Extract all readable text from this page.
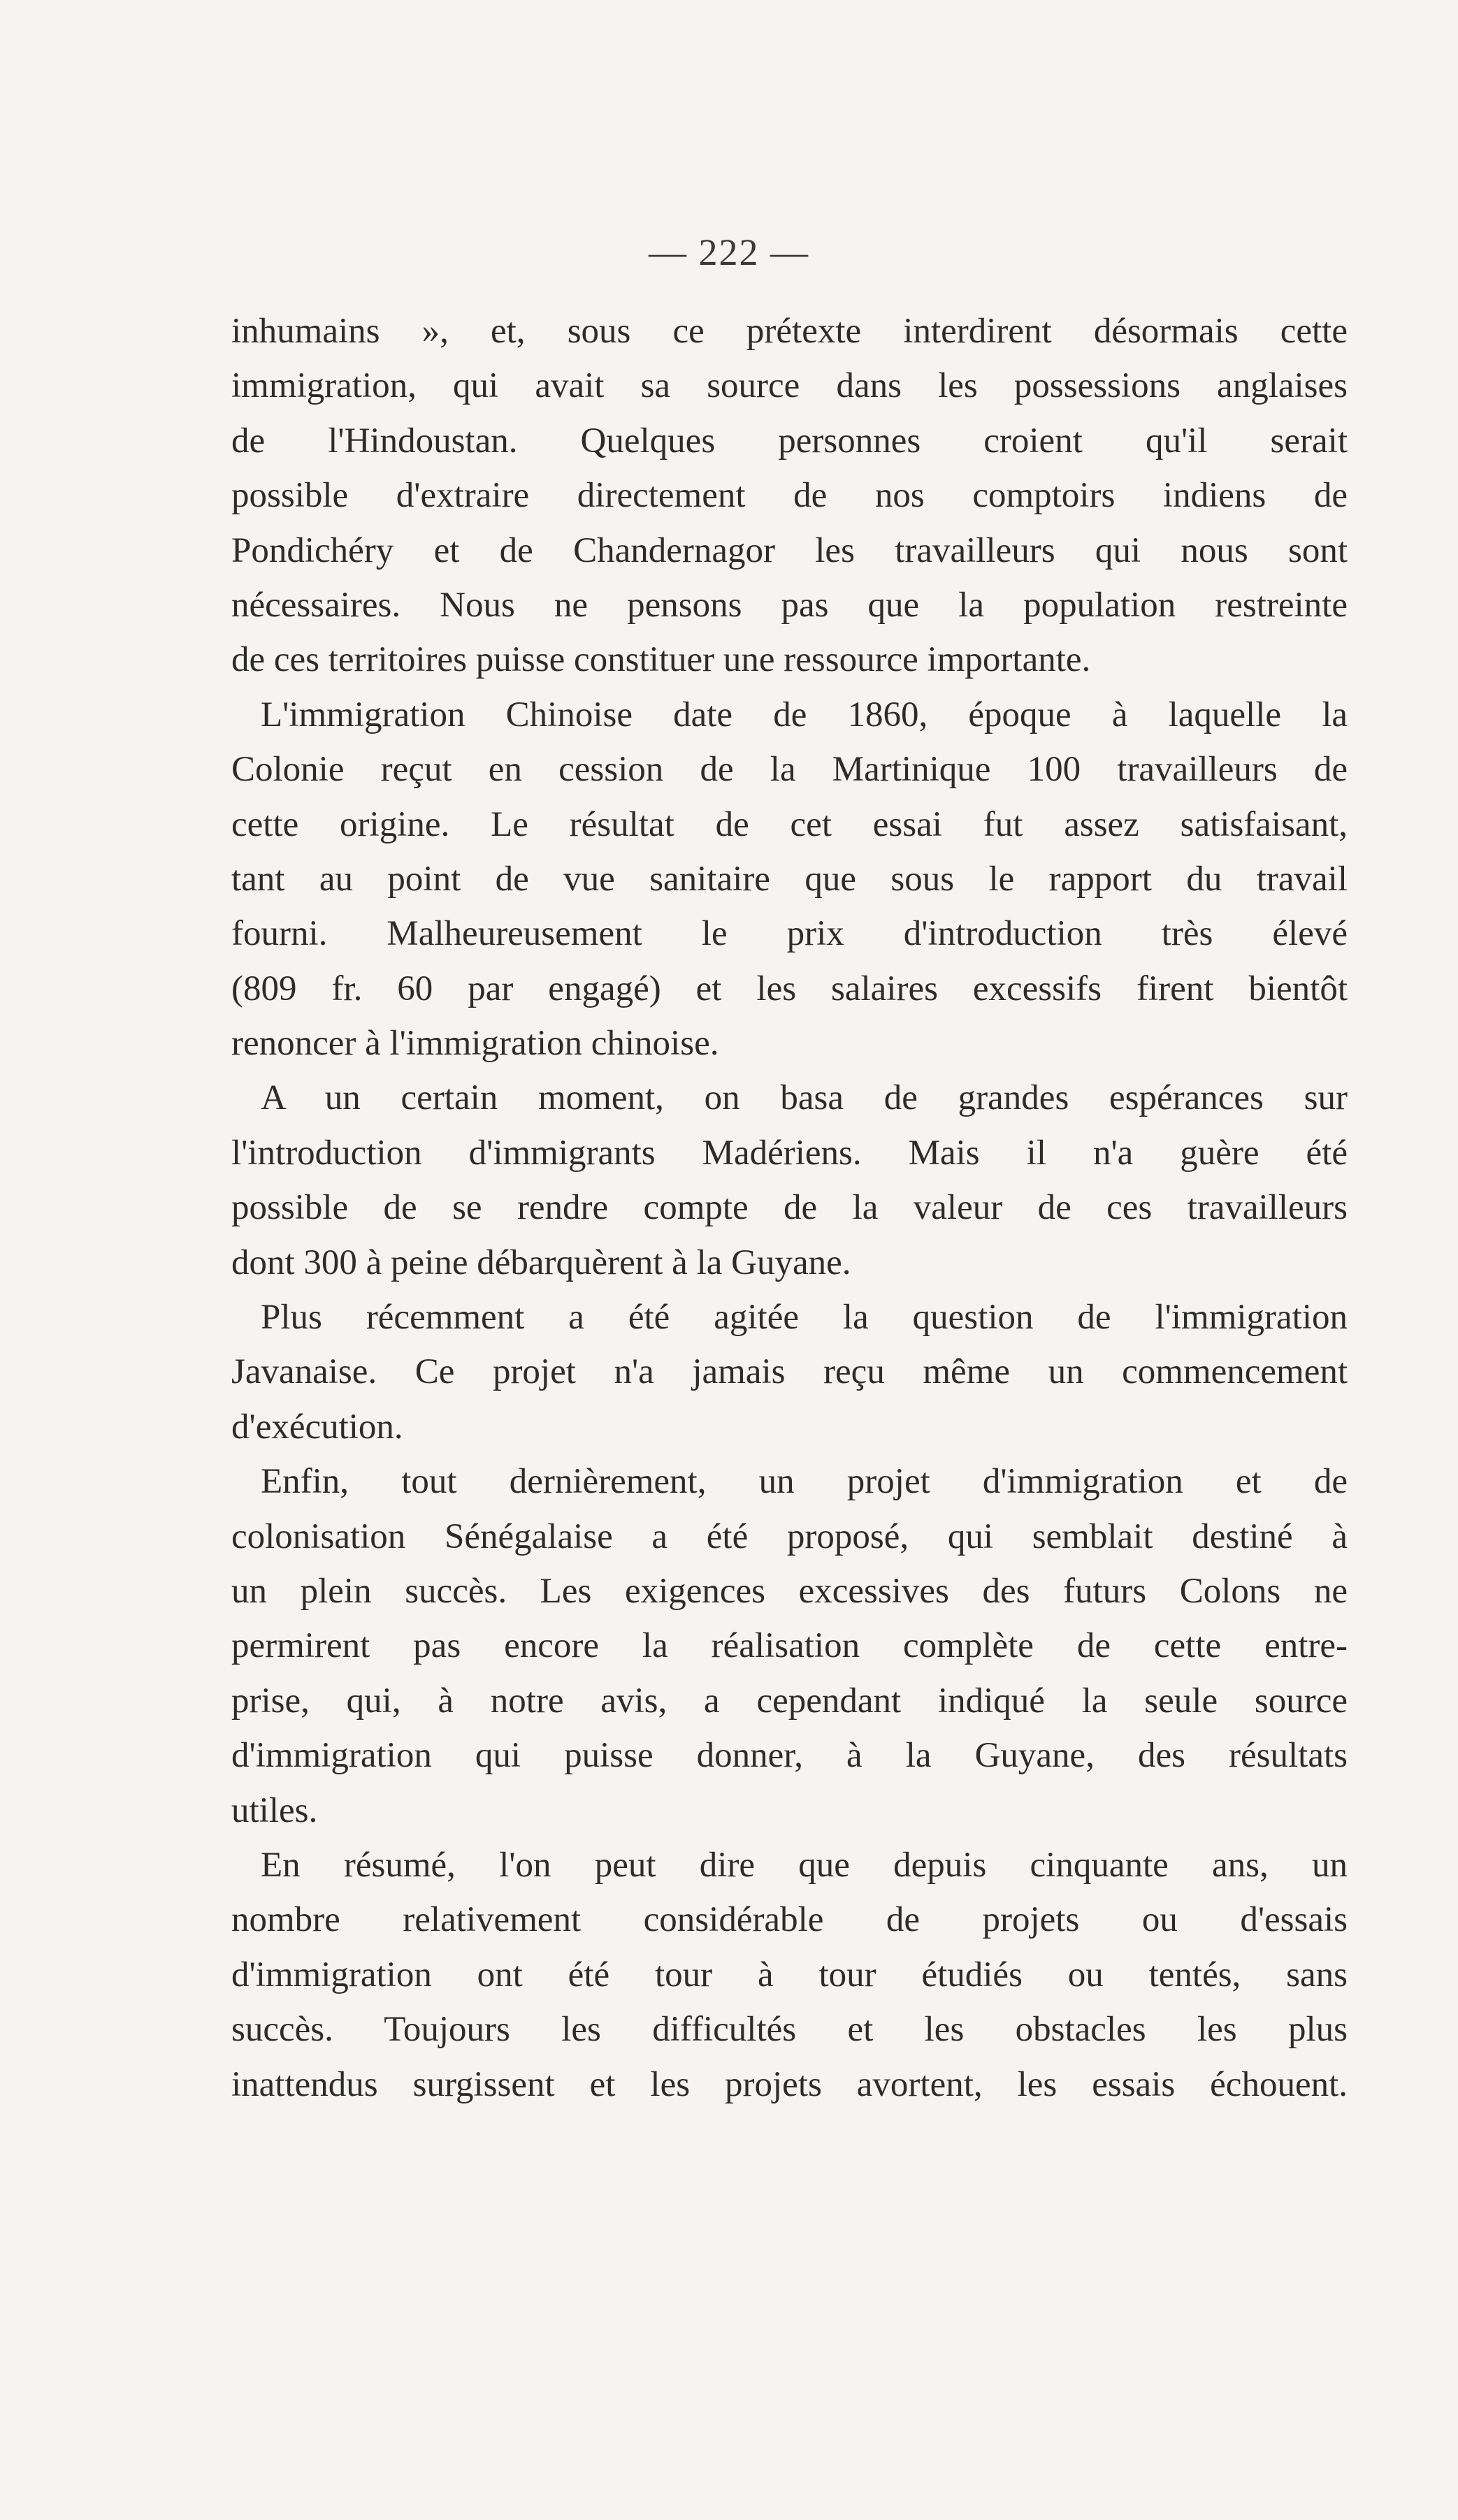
— 222 —
inhumains », et, sous ce prétexte interdirent désormais cette
immigration, qui avait sa source dans les possessions anglaises
de l'Hindoustan. Quelques personnes croient qu'il serait
possible d'extraire directement de nos comptoirs indiens de
Pondichéry et de Chandernagor les travailleurs qui nous sont
nécessaires. Nous ne pensons pas que la population restreinte
de ces territoires puisse constituer une ressource importante.
L'immigration Chinoise date de 1860, époque à laquelle la
Colonie reçut en cession de la Martinique 100 travailleurs de
cette origine. Le résultat de cet essai fut assez satisfaisant,
tant au point de vue sanitaire que sous le rapport du travail
fourni. Malheureusement le prix d'introduction très élevé
(809 fr. 60 par engagé) et les salaires excessifs firent bientôt
renoncer à l'immigration chinoise.
A un certain moment, on basa de grandes espérances sur
l'introduction d'immigrants Madériens. Mais il n'a guère été
possible de se rendre compte de la valeur de ces travailleurs
dont 300 à peine débarquèrent à la Guyane.
Plus récemment a été agitée la question de l'immigration
Javanaise. Ce projet n'a jamais reçu même un commencement
d'exécution.
Enfin, tout dernièrement, un projet d'immigration et de
colonisation Sénégalaise a été proposé, qui semblait destiné à
un plein succès. Les exigences excessives des futurs Colons ne
permirent pas encore la réalisation complète de cette entre-
prise, qui, à notre avis, a cependant indiqué la seule source
d'immigration qui puisse donner, à la Guyane, des résultats
utiles.
En résumé, l'on peut dire que depuis cinquante ans, un
nombre relativement considérable de projets ou d'essais
d'immigration ont été tour à tour étudiés ou tentés, sans
succès. Toujours les difficultés et les obstacles les plus
inattendus surgissent et les projets avortent, les essais échouent.
